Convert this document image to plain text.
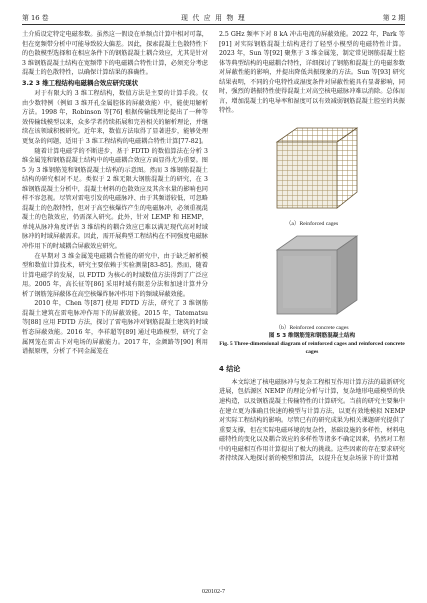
第 16 卷	现 代 应 用 物 理	第 2 期

土介质设定特定电磁参数。虽然这一假设在单频点计算中相对可靠，但在宽频带分析中可能导致较大偏差。因此，探索混凝土色散特性下的色散模型选择和在相应条件下的钢筋混凝土耦合效应，尤其是针对 3 维钢筋混凝土结构在宽频带下的电磁耦合特性计算，必须充分考虑混凝土的色散特性，以确保计算结果的准确性。

3.2 3 维工程结构电磁耦合效应研究现状

对于有限大的 3 维工程结构，数值方法是主要的计算手段。仅由少数特例（例如 3 维开孔金属腔体的屏蔽效能）中，能使用解析方法。1998 年，Robinson 等[76] 根据传输线理论提出了一种等效传输线模型以来，众多学者持续拓展和完善相关的解析理论，并继续在该领域积极研究。近年来，数值方法取得了显著进步，能够处理更复杂的问题，适用于 3 维工程结构的电磁耦合特性计算[77-82]。

随着计算电磁学的不断进步，基于 FDTD 的数值算法在分析 3 维金属笼和钢筋混凝土结构中的电磁耦合效应方面显得尤为重要。图 5 为 3 维钢筋笼和钢筋混凝土结构的示意图。然而 3 维钢筋混凝土结构的研究相对不足。类似于 2 维无限大钢筋混凝土的研究，在 3 维钢筋混凝土分析中，混凝土材料的色散效应及其含水量的影响也同样不容忽视。尽管对雷电引发的电磁脉冲、由于其频谱较低，可忽略混凝土的色散特性，但对于高空核爆炸产生的电磁脉冲，必须重视混凝土的色散效应，仍需深入研究。此外，针对 LEMP 和 HEMP，单纯从脉冲角度评估 3 维结构的耦合效应已难以满足现代高对时域脉冲的时域屏蔽需求。因此，需开展典型工程结构在不同强度电磁脉冲作用下的时域耦合屏蔽效应研究。

在早期对 3 维金属笼电磁耦合性能的研究中，由于缺乏解析模型和数值计算技术，研究主要依赖于实验测量[83-85]。然而，随着计算电磁学的发展，以 FDTD 为核心的时域数值方法得到了广泛应用。2005 年，高长征等[86] 采用时域有限差分法和加速计算并分析了钢筋笼屏蔽体在高空核爆炸脉冲作用下的频域屏蔽效能。

2010 年，Chen 等[87] 使用 FDTD 方法，研究了 3 维钢筋混凝土建筑在雷电脉冲作用下的屏蔽效能。2015 年，Tatematsu 等[88] 应用 FDTD 方法，探讨了雷电脉冲对钢筋混凝土建筑的时域暂态屏蔽效能。2016 年，李祥超等[89] 通过电路模型，研究了金属网笼在雷击下对电场的屏蔽能力。2017 年，金颜路等[90] 利用谱振原理，分析了不同金属笼在

2.5 GHz 频率下对 8 kA 冲击电流的屏蔽效能。2022 年，Park 等[91] 对实际钢筋混凝土结构进行了轻型小模型的电磁特性计算。2023 年，Sun 等[92] 聚焦于 3 维金属笼，制定常见钢筋混凝土腔体等典型结构的电磁耦合特性，详细探讨了钢筋和混凝土的电磁参数对屏蔽性能的影响，并提出降低共振现象的方法。Sun 等[93] 研究结果表明，不同的介电特性或湿度条件对屏蔽性能具有显著影响，同时，强烈的谐振特性使得混凝土对高空核电磁脉冲难以消除。总体而言，增加混凝土的电导率和湿度可以有效减弱钢筋混凝土腔室的共振特性。

（a）Reinforced cages
（b）Reinforced concrete cages
图 5 3 维钢筋笼和钢筋混凝土结构
Fig. 5 Three-dimensional diagram of reinforced cages and reinforced concrete cages
4 结论

本文综述了核电磁脉冲与复杂工程相互作用计算方法的最新研究进展，包括源区 NEMP 的理论分析与计算，复杂地形电磁模型的快速构造，以及钢筋混凝土传输特性的计算研究。当前的研究主要集中在建立更为准确且快速的模型与计算方法，以更有效地模拟 NEMP 对实际工程结构的影响。尽管已有的研究成果为相关课题研究提供了重要支撑，但在实际电磁环境的复杂性，基础设施的多样性，材料电磁特性的变化以及耦合效应的多样性等诸多不确定因素，仍然对工程中的电磁相互作用计算提出了极大的挑战。这些因素的存在要求研究者持续深入地探讨新的模型和算法，以提升在复杂场景下的计算精

020102-7
